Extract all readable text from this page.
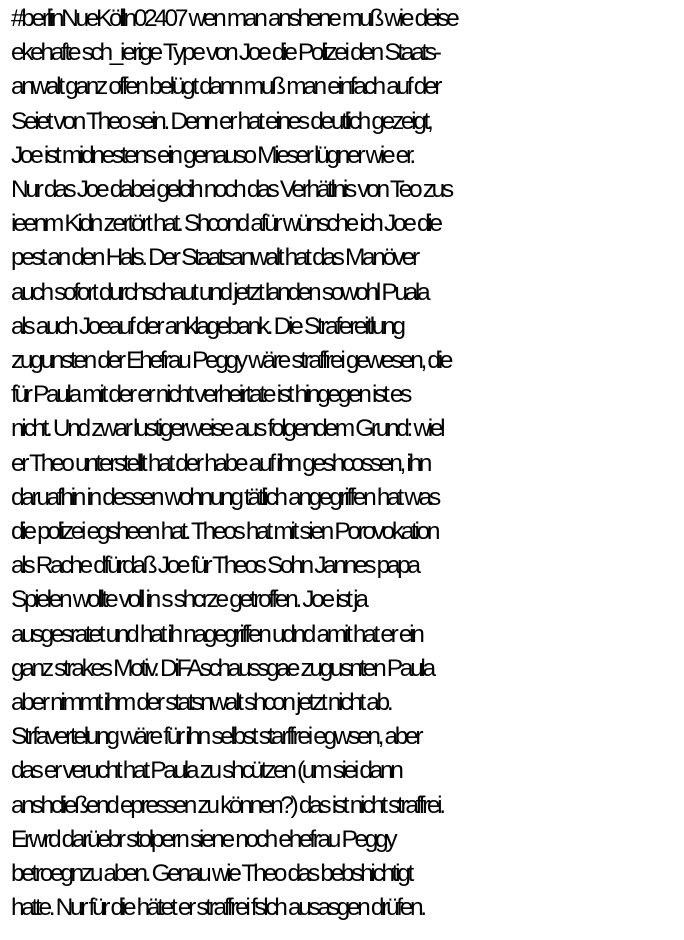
#berlinNueKölln02407 wen man anshene muß wie deise
ekehafte sch_ierige Type von Joe die Polizei den Staats-
anwalt ganz offen belügt dann muß man einfach auf der
Seiet von Theo sein. Denn er hat eines deutlich gezeigt,
Joe ist midnestens ein genauso Mieser lügner wie er.
Nur das Joe dabei gelcih noch das Verhätlnis von Teo zus
ieenm Kidn zertört hat. Shcond afür wünsche ich Joe die
pest an den Hals. Der Staatsanwalt hat das Manöver
auch sofort durchschaut und jetzt landen sowohl Puala
als auch Joeauf der anklagebank. Die Strafereitlung
zugunsten der Ehefrau Peggy wäre straffrei gewesen, die
für Paula mit der er nicht verheirtate ist hingegen ist es
nicht. Und zwar lustigerweise aus folgendem Grund: wiel
er Theo unterstellt hat der habe auf ihn geshcossen, ihn
daruafhin in dessen wohnung tätlich angegriffen hat was
die polizei egsheen hat. Theos hat mit sien Porovokation
als Rache dfürdaß Joe für Theos Sohn Jannes papa
Spielen wollte voll in s shcrze getroffen. Joe ist ja
ausgesratet und hat ih nagegriffen udnd amit hat er ein
ganz strakes Motiv. DiFAschaussgae zugusnten Paula
aber nimmt ihm der statsnwalt shcon jetzt nicht ab.
Strfavertelung wäre für ihn selbst starffrei egwsen, aber
das er verucht hat Paula zu shcützen (um siei dann
anshcließend epressen zu können?) das ist nicht straffrei.
Erwrd darüebr stolpern siene noch ehefrau Peggy
betroegnzu aben. Genau wie Theo das bebshichtigt
hatte. Nur für die hätet er straffrei fslch ausasgen drüfen.
